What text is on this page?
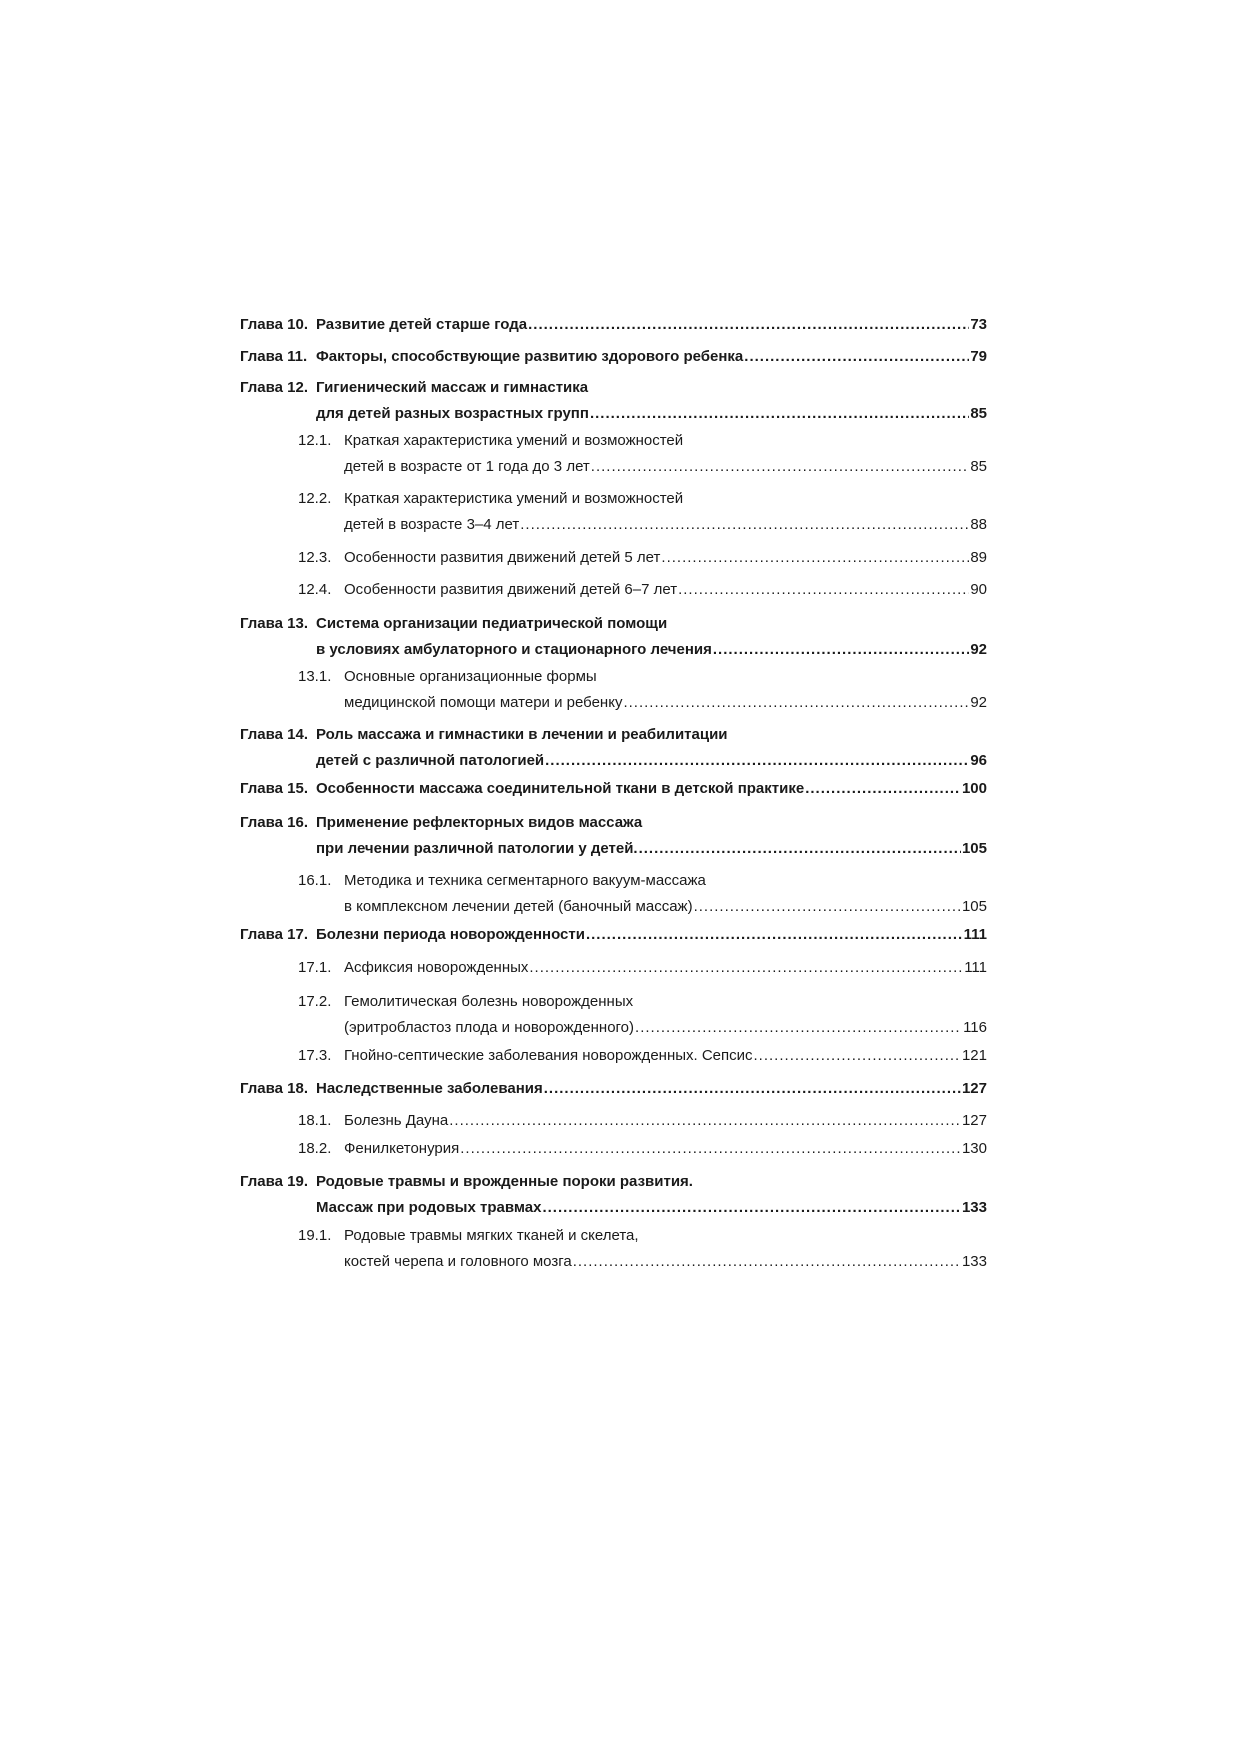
Глава 10. Развитие детей старше года .....	73
Глава 11. Факторы, способствующие развитию здорового ребенка .....	79
Глава 12. Гигиенический массаж и гимнастика
для детей разных возрастных групп .....	85
12.1. Краткая характеристика умений и возможностей
детей в возрасте от 1 года до 3 лет .....	85
12.2. Краткая характеристика умений и возможностей
детей в возрасте 3–4 лет .....	88
12.3. Особенности развития движений детей 5 лет .....	89
12.4. Особенности развития движений детей 6–7 лет .....	90
Глава 13. Система организации педиатрической помощи
в условиях амбулаторного и стационарного лечения .....	92
13.1. Основные организационные формы
медицинской помощи матери и ребенку .....	92
Глава 14. Роль массажа и гимнастики в лечении и реабилитации
детей с различной патологией .....	96
Глава 15. Особенности массажа соединительной ткани в детской практике .....	100
Глава 16. Применение рефлекторных видов массажа
при лечении различной патологии у детей. .....	105
16.1. Методика и техника сегментарного вакуум-массажа
в комплексном лечении детей (баночный массаж) .....	105
Глава 17. Болезни периода новорожденности .....	111
17.1. Асфиксия новорожденных .....	111
17.2. Гемолитическая болезнь новорожденных
(эритробластоз плода и новорожденного) .....	116
17.3. Гнойно-септические заболевания новорожденных. Сепсис .....	121
Глава 18. Наследственные заболевания .....	127
18.1. Болезнь Дауна .....	127
18.2. Фенилкетонурия .....	130
Глава 19. Родовые травмы и врожденные пороки развития.
Массаж при родовых травмах .....	133
19.1. Родовые травмы мягких тканей и скелета,
костей черепа и головного мозга .....	133
